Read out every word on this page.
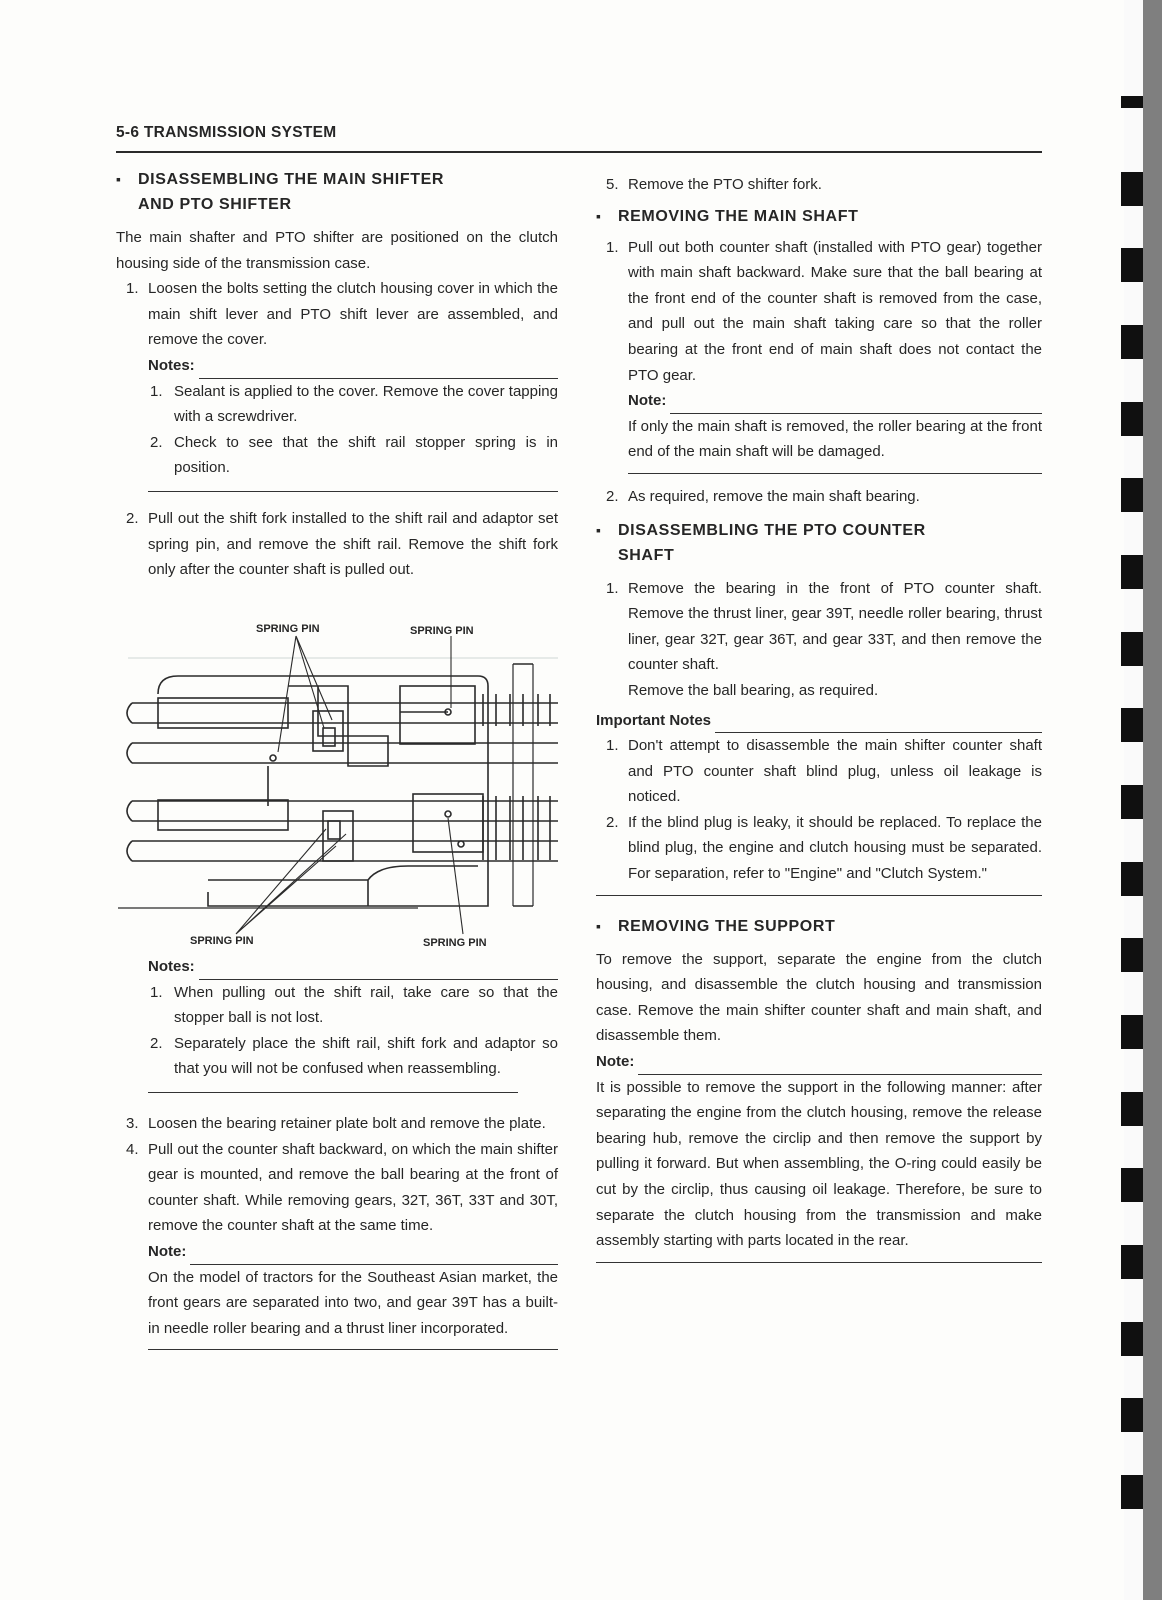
5-6 TRANSMISSION SYSTEM
▪ DISASSEMBLING THE MAIN SHIFTER
AND PTO SHIFTER

The main shafter and PTO shifter are positioned on the clutch housing side of the transmission case.

1. Loosen the bolts setting the clutch housing cover in which the main shift lever and PTO shift lever are assembled, and remove the cover.
Notes:
1. Sealant is applied to the cover. Remove the cover tapping with a screwdriver.
2. Check to see that the shift rail stopper spring is in position.
2. Pull out the shift fork installed to the shift rail and adaptor set spring pin, and remove the shift rail. Remove the shift fork only after the counter shaft is pulled out.
SPRING PIN	SPRING PIN
SPRING PIN	SPRING PIN
Notes:
1. When pulling out the shift rail, take care so that the stopper ball is not lost.
2. Separately place the shift rail, shift fork and adaptor so that you will not be confused when reassembling.
3. Loosen the bearing retainer plate bolt and remove the plate.
4. Pull out the counter shaft backward, on which the main shifter gear is mounted, and remove the ball bearing at the front of counter shaft. While removing gears, 32T, 36T, 33T and 30T, remove the counter shaft at the same time.
Note:
On the model of tractors for the Southeast Asian market, the front gears are separated into two, and gear 39T has a built-in needle roller bearing and a thrust liner incorporated.
5. Remove the PTO shifter fork.
▪ REMOVING THE MAIN SHAFT
1. Pull out both counter shaft (installed with PTO gear) together with main shaft backward. Make sure that the ball bearing at the front end of the counter shaft is removed from the case, and pull out the main shaft taking care so that the roller bearing at the front end of main shaft does not contact the PTO gear.
Note:
If only the main shaft is removed, the roller bearing at the front end of the main shaft will be damaged.
2. As required, remove the main shaft bearing.
▪ DISASSEMBLING THE PTO COUNTER
SHAFT
1. Remove the bearing in the front of PTO counter shaft. Remove the thrust liner, gear 39T, needle roller bearing, thrust liner, gear 32T, gear 36T, and gear 33T, and then remove the counter shaft.
Remove the ball bearing, as required.
Important Notes
1. Don't attempt to disassemble the main shifter counter shaft and PTO counter shaft blind plug, unless oil leakage is noticed.
2. If the blind plug is leaky, it should be replaced. To replace the blind plug, the engine and clutch housing must be separated. For separation, refer to "Engine" and "Clutch System."
▪ REMOVING THE SUPPORT

To remove the support, separate the engine from the clutch housing, and disassemble the clutch housing and transmission case. Remove the main shifter counter shaft and main shaft, and disassemble them.

Note:

It is possible to remove the support in the following manner: after separating the engine from the clutch housing, remove the release bearing hub, remove the circlip and then remove the support by pulling it forward. But when assembling, the O-ring could easily be cut by the circlip, thus causing oil leakage. Therefore, be sure to separate the clutch housing from the transmission and make assembly starting with parts located in the rear.
